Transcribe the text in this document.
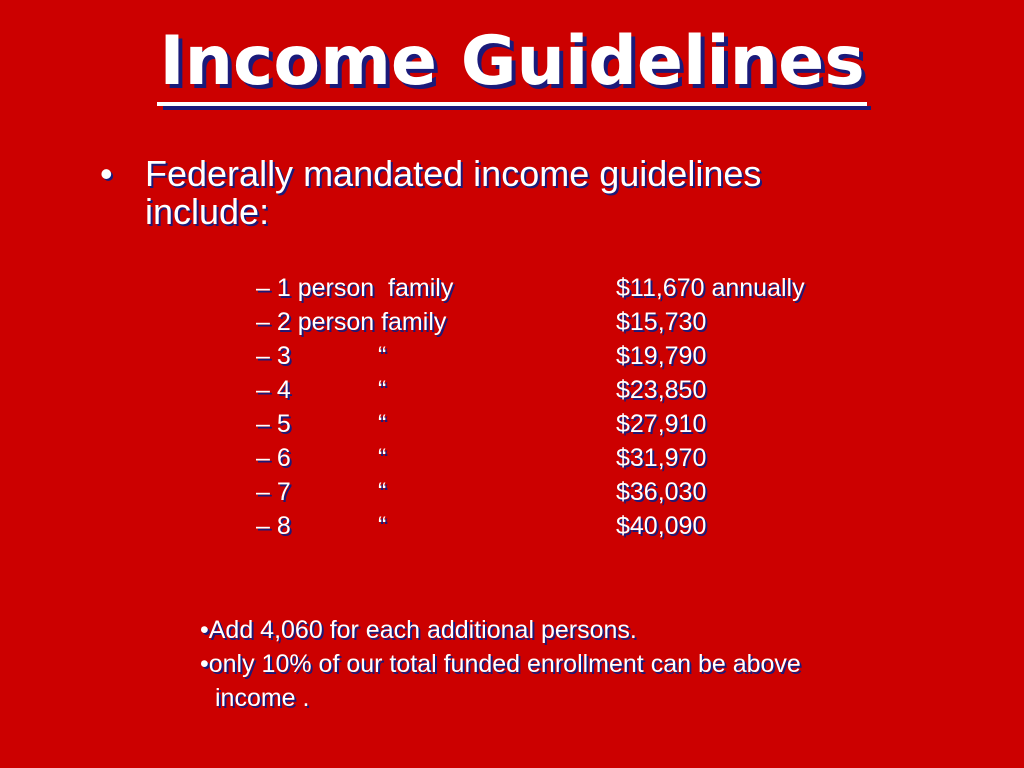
Income Guidelines
• Federally mandated income guidelines include:
– 1 person  family	$11,670 annually
– 2 person family	$15,730
– 3	“	$19,790
– 4	“	$23,850
– 5	“	$27,910
– 6	“	$31,970
– 7	“	$36,030
– 8	“	$40,090
•Add 4,060 for each additional persons.
•only 10% of our total funded enrollment can be above
income .
